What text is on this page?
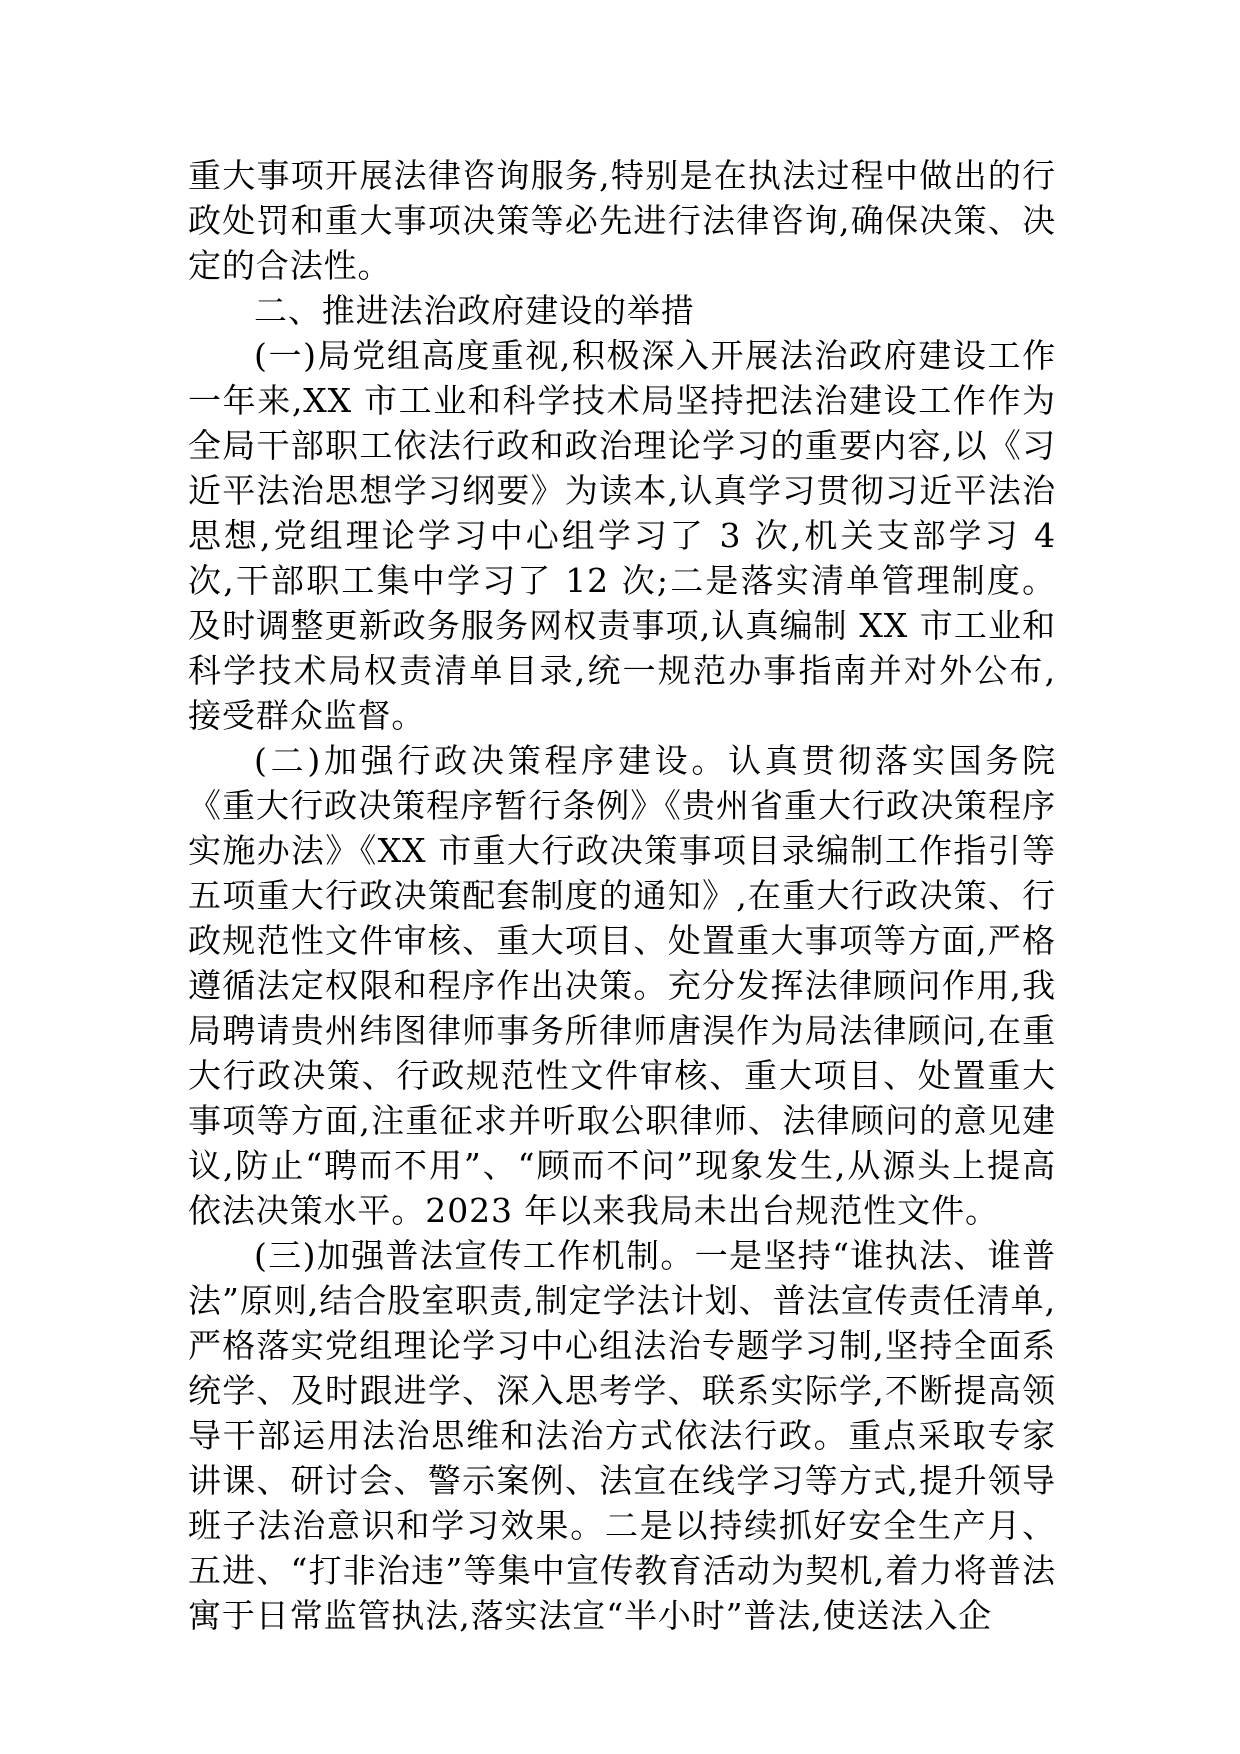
重大事项开展法律咨询服务,特别是在执法过程中做出的行政处罚和重大事项决策等必先进行法律咨询,确保决策、决定的合法性。

二、推进法治政府建设的举措

(一)局党组高度重视,积极深入开展法治政府建设工作一年来,XX 市工业和科学技术局坚持把法治建设工作作为全局干部职工依法行政和政治理论学习的重要内容,以《习近平法治思想学习纲要》为读本,认真学习贯彻习近平法治思想,党组理论学习中心组学习了 3 次,机关支部学习 4 次,干部职工集中学习了 12 次;二是落实清单管理制度。及时调整更新政务服务网权责事项,认真编制 XX 市工业和科学技术局权责清单目录,统一规范办事指南并对外公布,接受群众监督。

(二)加强行政决策程序建设。认真贯彻落实国务院《重大行政决策程序暂行条例》《贵州省重大行政决策程序实施办法》《XX 市重大行政决策事项目录编制工作指引等五项重大行政决策配套制度的通知》,在重大行政决策、行政规范性文件审核、重大项目、处置重大事项等方面,严格遵循法定权限和程序作出决策。充分发挥法律顾问作用,我局聘请贵州纬图律师事务所律师唐淏作为局法律顾问,在重大行政决策、行政规范性文件审核、重大项目、处置重大事项等方面,注重征求并听取公职律师、法律顾问的意见建议,防止“聘而不用”、“顾而不问”现象发生,从源头上提高依法决策水平。2023 年以来我局未出台规范性文件。

(三)加强普法宣传工作机制。一是坚持“谁执法、谁普法”原则,结合股室职责,制定学法计划、普法宣传责任清单,严格落实党组理论学习中心组法治专题学习制,坚持全面系统学、及时跟进学、深入思考学、联系实际学,不断提高领导干部运用法治思维和法治方式依法行政。重点采取专家讲课、研讨会、警示案例、法宣在线学习等方式,提升领导班子法治意识和学习效果。二是以持续抓好安全生产月、五进、“打非治违”等集中宣传教育活动为契机,着力将普法寓于日常监管执法,落实法宣“半小时”普法,使送法入企
